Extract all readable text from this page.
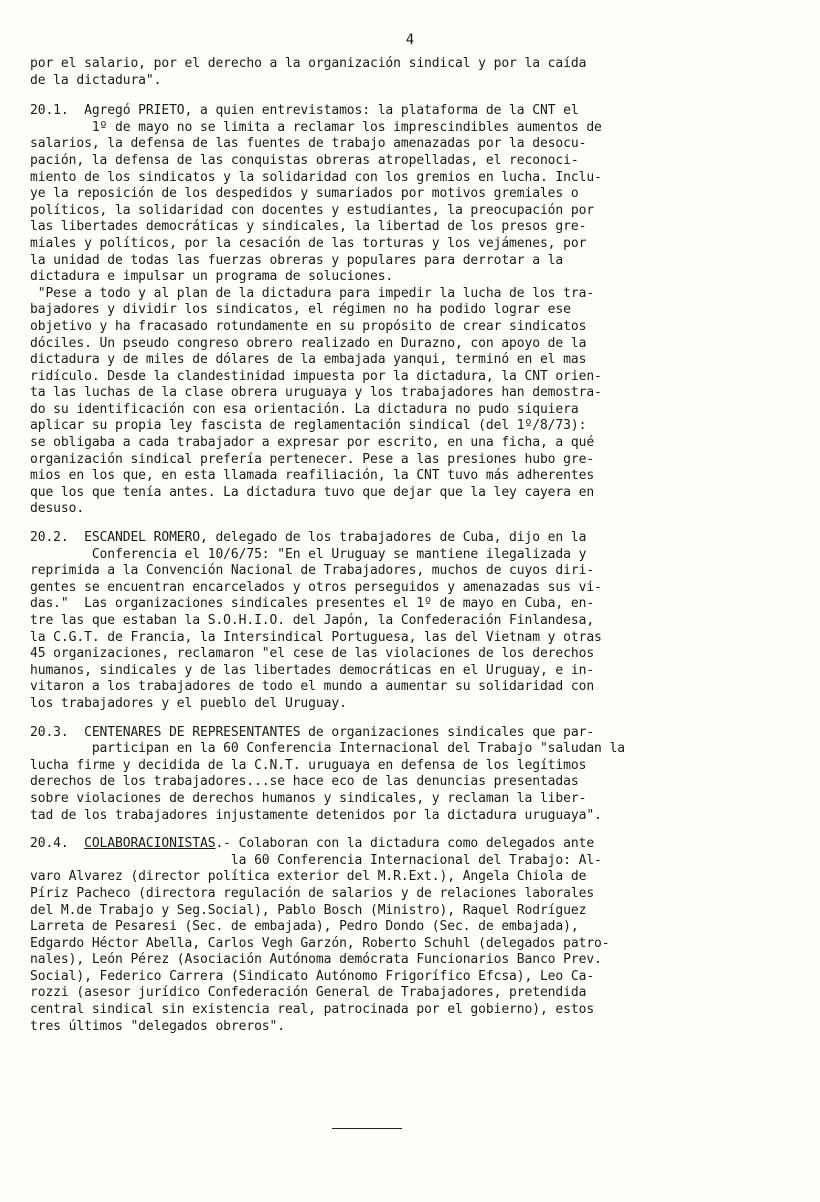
4
por el salario, por el derecho a la organización sindical y por la caída
de la dictadura".
20.1.  Agregó PRIETO, a quien entrevistamos: la plataforma de la CNT el
1º de mayo no se limita a reclamar los imprescindibles aumentos de
salarios, la defensa de las fuentes de trabajo amenazadas por la desocu-
pación, la defensa de las conquistas obreras atropelladas, el reconoci-
miento de los sindicatos y la solidaridad con los gremios en lucha. Inclu-
ye la reposición de los despedidos y sumariados por motivos gremiales o
políticos, la solidaridad con docentes y estudiantes, la preocupación por
las libertades democráticas y sindicales, la libertad de los presos gre-
miales y políticos, por la cesación de las torturas y los vejámenes, por
la unidad de todas las fuerzas obreras y populares para derrotar a la
dictadura e impulsar un programa de soluciones.
"Pese a todo y al plan de la dictadura para impedir la lucha de los tra-
bajadores y dividir los sindicatos, el régimen no ha podido lograr ese
objetivo y ha fracasado rotundamente en su propósito de crear sindicatos
dóciles. Un pseudo congreso obrero realizado en Durazno, con apoyo de la
dictadura y de miles de dólares de la embajada yanqui, terminó en el mas
ridículo. Desde la clandestinidad impuesta por la dictadura, la CNT orien-
ta las luchas de la clase obrera uruguaya y los trabajadores han demostra-
do su identificación con esa orientación. La dictadura no pudo siquiera
aplicar su propia ley fascista de reglamentación sindical (del 1º/8/73):
se obligaba a cada trabajador a expresar por escrito, en una ficha, a qué
organización sindical prefería pertenecer. Pese a las presiones hubo gre-
mios en los que, en esta llamada reafiliación, la CNT tuvo más adherentes
que los que tenía antes. La dictadura tuvo que dejar que la ley cayera en
desuso.
20.2.  ESCANDEL ROMERO, delegado de los trabajadores de Cuba, dijo en la
Conferencia el 10/6/75: "En el Uruguay se mantiene ilegalizada y
reprimida a la Convención Nacional de Trabajadores, muchos de cuyos diri-
gentes se encuentran encarcelados y otros perseguidos y amenazadas sus vi-
das."  Las organizaciones sindicales presentes el 1º de mayo en Cuba, en-
tre las que estaban la S.O.H.I.O. del Japón, la Confederación Finlandesa,
la C.G.T. de Francia, la Intersindical Portuguesa, las del Vietnam y otras
45 organizaciones, reclamaron "el cese de las violaciones de los derechos
humanos, sindicales y de las libertades democráticas en el Uruguay, e in-
vitaron a los trabajadores de todo el mundo a aumentar su solidaridad con
los trabajadores y el pueblo del Uruguay.
20.3.  CENTENARES DE REPRESENTANTES de organizaciones sindicales que par-
participan en la 60 Conferencia Internacional del Trabajo "saludan la
lucha firme y decidida de la C.N.T. uruguaya en defensa de los legítimos
derechos de los trabajadores...se hace eco de las denuncias presentadas
sobre violaciones de derechos humanos y sindicales, y reclaman la liber-
tad de los trabajadores injustamente detenidos por la dictadura uruguaya".
20.4.  COLABORACIONISTAS.- Colaboran con la dictadura como delegados ante
la 60 Conferencia Internacional del Trabajo: Al-
varo Alvarez (director política exterior del M.R.Ext.), Angela Chiola de
Píriz Pacheco (directora regulación de salarios y de relaciones laborales
del M.de Trabajo y Seg.Social), Pablo Bosch (Ministro), Raquel Rodríguez
Larreta de Pesaresi (Sec. de embajada), Pedro Dondo (Sec. de embajada),
Edgardo Héctor Abella, Carlos Vegh Garzón, Roberto Schuhl (delegados patro-
nales), León Pérez (Asociación Autónoma demócrata Funcionarios Banco Prev.
Social), Federico Carrera (Sindicato Autónomo Frigorífico Efcsa), Leo Ca-
rozzi (asesor jurídico Confederación General de Trabajadores, pretendida
central sindical sin existencia real, patrocinada por el gobierno), estos
tres últimos "delegados obreros".
